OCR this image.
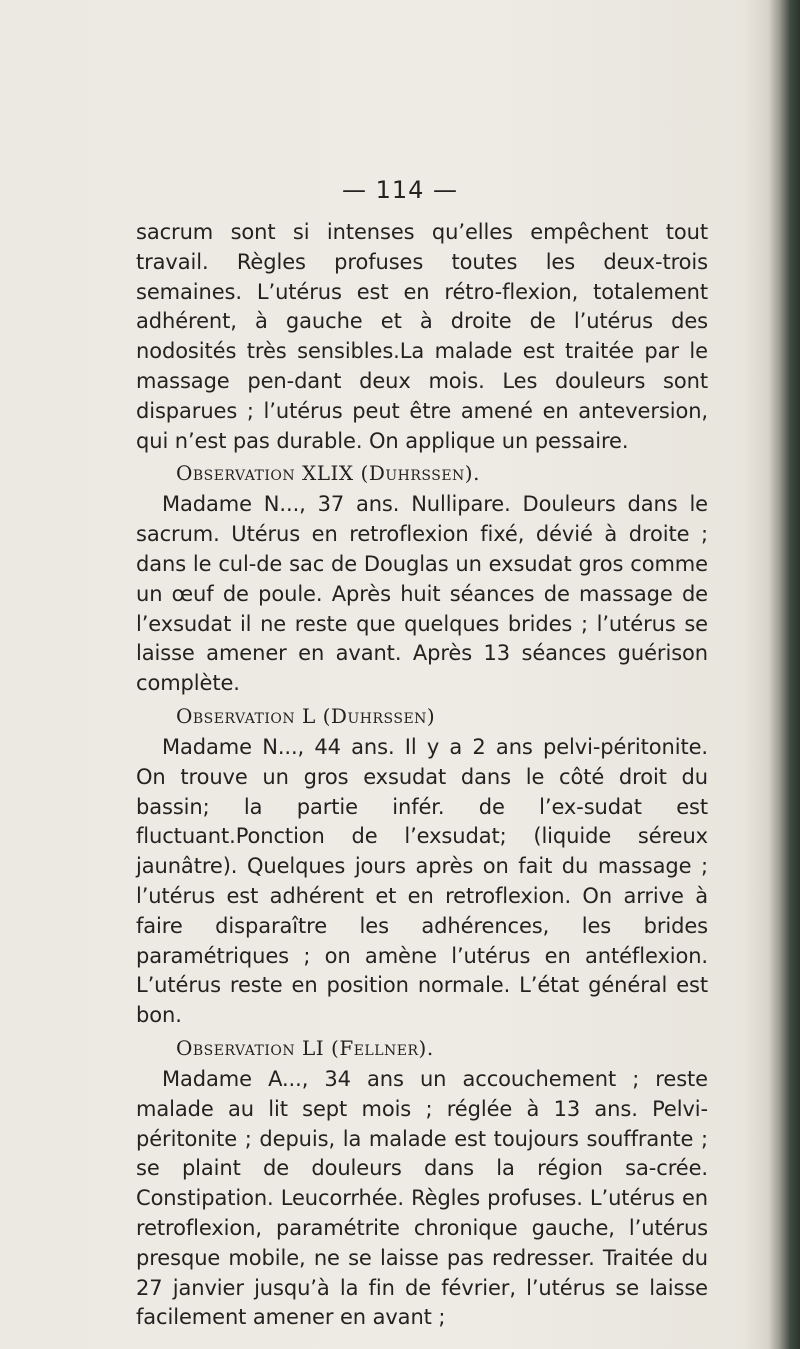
— 114 —

sacrum sont si intenses qu’elles empêchent tout travail. Règles profuses toutes les deux-trois semaines. L’utérus est en rétro-flexion, totalement adhérent, à gauche et à droite de l’utérus des nodosités très sensibles.La malade est traitée par le massage pen-dant deux mois. Les douleurs sont disparues ; l’utérus peut être amené en anteversion, qui n’est pas durable. On applique un pessaire.

Observation XLIX (Duhrssen).

Madame N..., 37 ans. Nullipare. Douleurs dans le sacrum. Utérus en retroflexion fixé, dévié à droite ; dans le cul-de sac de Douglas un exsudat gros comme un œuf de poule. Après huit séances de massage de l’exsudat il ne reste que quelques brides ; l’utérus se laisse amener en avant. Après 13 séances guérison complète.

Observation L (Duhrssen)

Madame N..., 44 ans. Il y a 2 ans pelvi-péritonite. On trouve un gros exsudat dans le côté droit du bassin; la partie infér. de l’ex-sudat est fluctuant.Ponction de l’exsudat; (liquide séreux jaunâtre). Quelques jours après on fait du massage ; l’utérus est adhérent et en retroflexion. On arrive à faire disparaître les adhérences, les brides paramétriques ; on amène l’utérus en antéflexion. L’utérus reste en position normale. L’état général est bon.

Observation LI (Fellner).

Madame A..., 34 ans un accouchement ; reste malade au lit sept mois ; réglée à 13 ans. Pelvi-péritonite ; depuis, la malade est toujours souffrante ; se plaint de douleurs dans la région sa-crée. Constipation. Leucorrhée. Règles profuses. L’utérus en retroflexion, paramétrite chronique gauche, l’utérus presque mobile, ne se laisse pas redresser. Traitée du 27 janvier jusqu’à la fin de février, l’utérus se laisse facilement amener en avant ;
